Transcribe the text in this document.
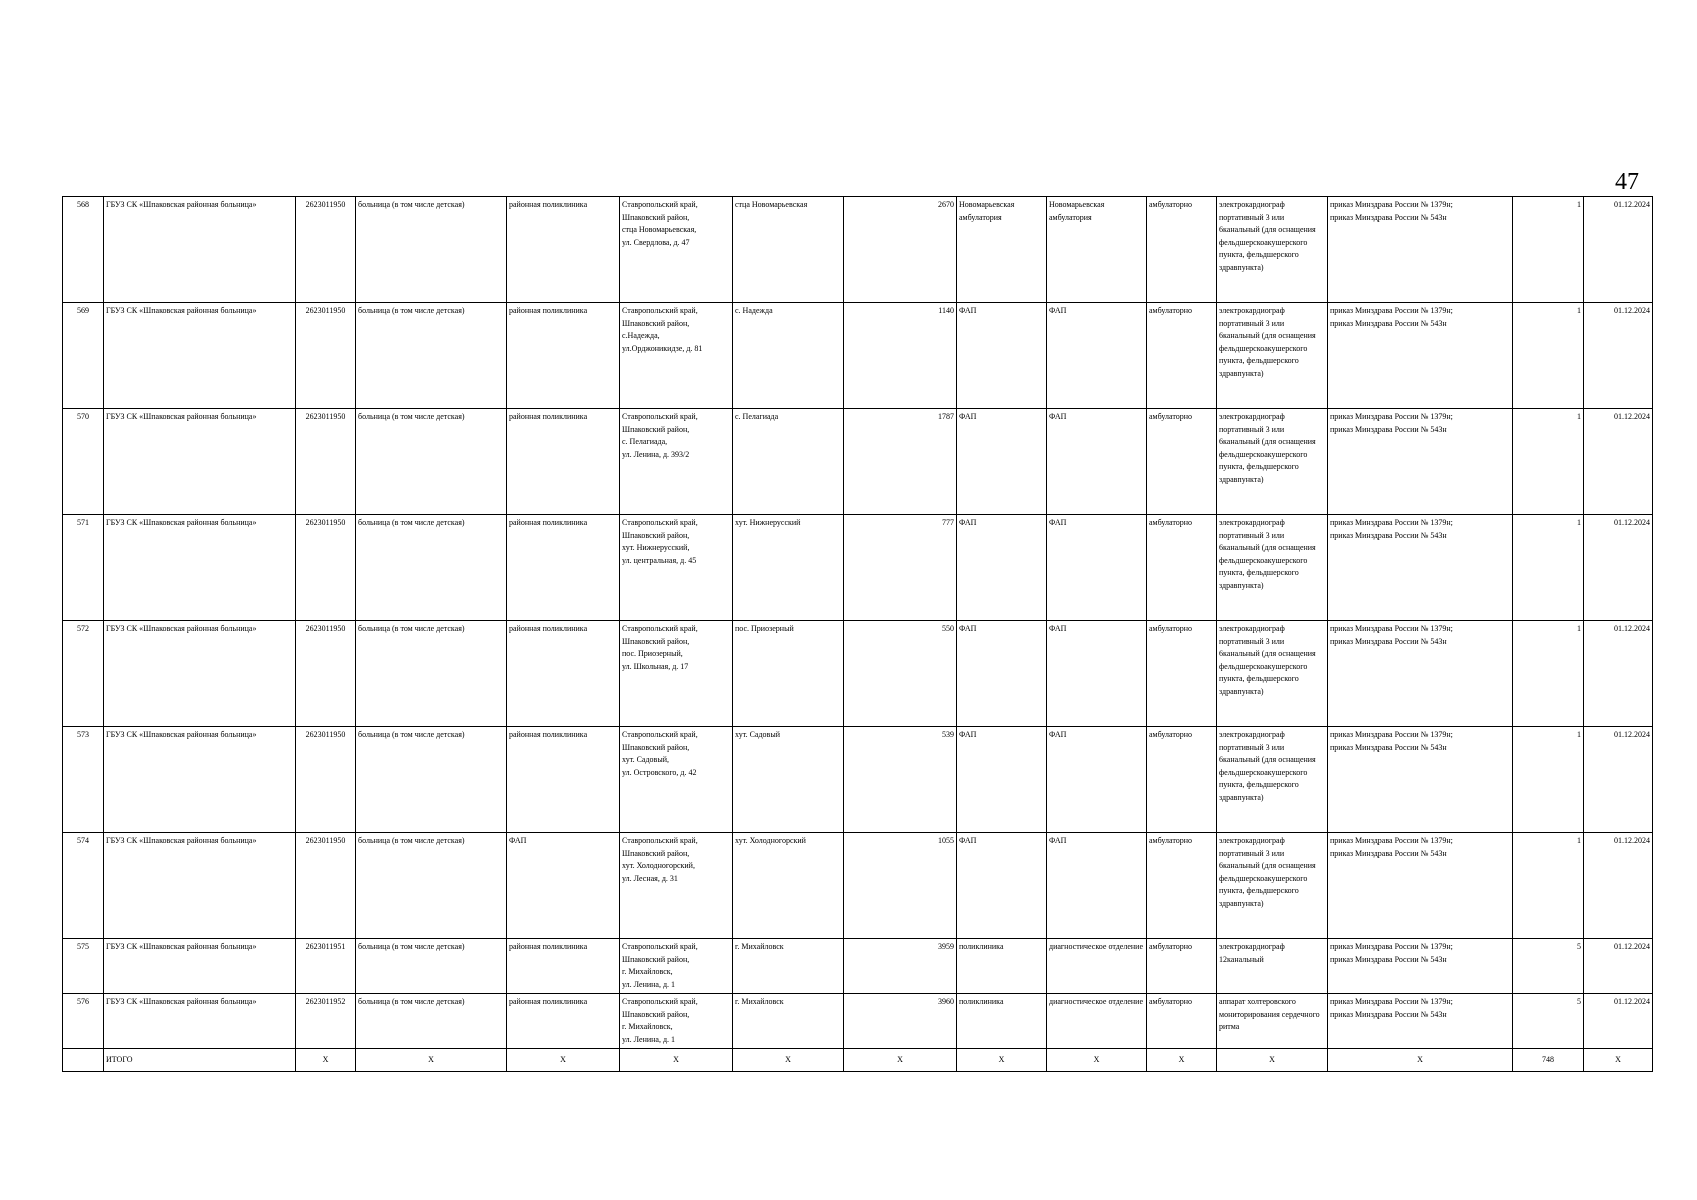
47
568	ГБУЗ СК «Шпаковская районная больница»	2623011950	больница (в том числе детская)	районная поликлиника	Ставропольский край,
Шпаковский район,
стца Новомарьевская,
ул. Свердлова, д. 47	стца Новомарьевская	2670	Новомарьевская амбулатория	Новомарьевская амбулатория	амбулаторно	электрокардиограф портативный 3 или 6канальный (для оснащения фельдшерскоакушерского пункта, фельдшерского здравпункта)	приказ Минздрава России № 1379н;
приказ Минздрава России № 543н	1	01.12.2024
569	ГБУЗ СК «Шпаковская районная больница»	2623011950	больница (в том числе детская)	районная поликлиника	Ставропольский край,
Шпаковский район,
с.Надежда,
ул.Орджоникидзе, д. 81	с. Надежда	1140	ФАП	ФАП	амбулаторно	электрокардиограф портативный 3 или 6канальный (для оснащения фельдшерскоакушерского пункта, фельдшерского здравпункта)	приказ Минздрава России № 1379н;
приказ Минздрава России № 543н	1	01.12.2024
570	ГБУЗ СК «Шпаковская районная больница»	2623011950	больница (в том числе детская)	районная поликлиника	Ставропольский край,
Шпаковский район,
с. Пелагиада,
ул. Ленина, д. 393/2	с. Пелагиада	1787	ФАП	ФАП	амбулаторно	электрокардиограф портативный 3 или 6канальный (для оснащения фельдшерскоакушерского пункта, фельдшерского здравпункта)	приказ Минздрава России № 1379н;
приказ Минздрава России № 543н	1	01.12.2024
571	ГБУЗ СК «Шпаковская районная больница»	2623011950	больница (в том числе детская)	районная поликлиника	Ставропольский край,
Шпаковский район,
хут. Нижнерусский,
ул. центральная, д. 45	хут. Нижнерусский	777	ФАП	ФАП	амбулаторно	электрокардиограф портативный 3 или 6канальный (для оснащения фельдшерскоакушерского пункта, фельдшерского здравпункта)	приказ Минздрава России № 1379н;
приказ Минздрава России № 543н	1	01.12.2024
572	ГБУЗ СК «Шпаковская районная больница»	2623011950	больница (в том числе детская)	районная поликлиника	Ставропольский край,
Шпаковский район,
пос. Приозерный,
ул. Школьная, д. 17	пос. Приозерный	550	ФАП	ФАП	амбулаторно	электрокардиограф портативный 3 или 6канальный (для оснащения фельдшерскоакушерского пункта, фельдшерского здравпункта)	приказ Минздрава России № 1379н;
приказ Минздрава России № 543н	1	01.12.2024
573	ГБУЗ СК «Шпаковская районная больница»	2623011950	больница (в том числе детская)	районная поликлиника	Ставропольский край,
Шпаковский район,
хут. Садовый,
ул. Островского, д. 42	хут. Садовый	539	ФАП	ФАП	амбулаторно	электрокардиограф портативный 3 или 6канальный (для оснащения фельдшерскоакушерского пункта, фельдшерского здравпункта)	приказ Минздрава России № 1379н;
приказ Минздрава России № 543н	1	01.12.2024
574	ГБУЗ СК «Шпаковская районная больница»	2623011950	больница (в том числе детская)	ФАП	Ставропольский край,
Шпаковский район,
хут. Холодногорский,
ул. Лесная, д. 31	хут. Холодногорский	1055	ФАП	ФАП	амбулаторно	электрокардиограф портативный 3 или 6канальный (для оснащения фельдшерскоакушерского пункта, фельдшерского здравпункта)	приказ Минздрава России № 1379н;
приказ Минздрава России № 543н	1	01.12.2024
575	ГБУЗ СК «Шпаковская районная больница»	2623011951	больница (в том числе детская)	районная поликлиника	Ставропольский край,
Шпаковский район,
г. Михайловск,
ул. Ленина, д. 1	г. Михайловск	3959	поликлиника	диагностическое отделение	амбулаторно	электрокардиограф 12канальный	приказ Минздрава России № 1379н;
приказ Минздрава России № 543н	5	01.12.2024
576	ГБУЗ СК «Шпаковская районная больница»	2623011952	больница (в том числе детская)	районная поликлиника	Ставропольский край,
Шпаковский район,
г. Михайловск,
ул. Ленина, д. 1	г. Михайловск	3960	поликлиника	диагностическое отделение	амбулаторно	аппарат холтеровского мониторирования сердечного ритма	приказ Минздрава России № 1379н;
приказ Минздрава России № 543н	5	01.12.2024
	ИТОГО	Х	Х	Х	Х	Х	Х	Х	Х	Х	Х	Х	748	Х
